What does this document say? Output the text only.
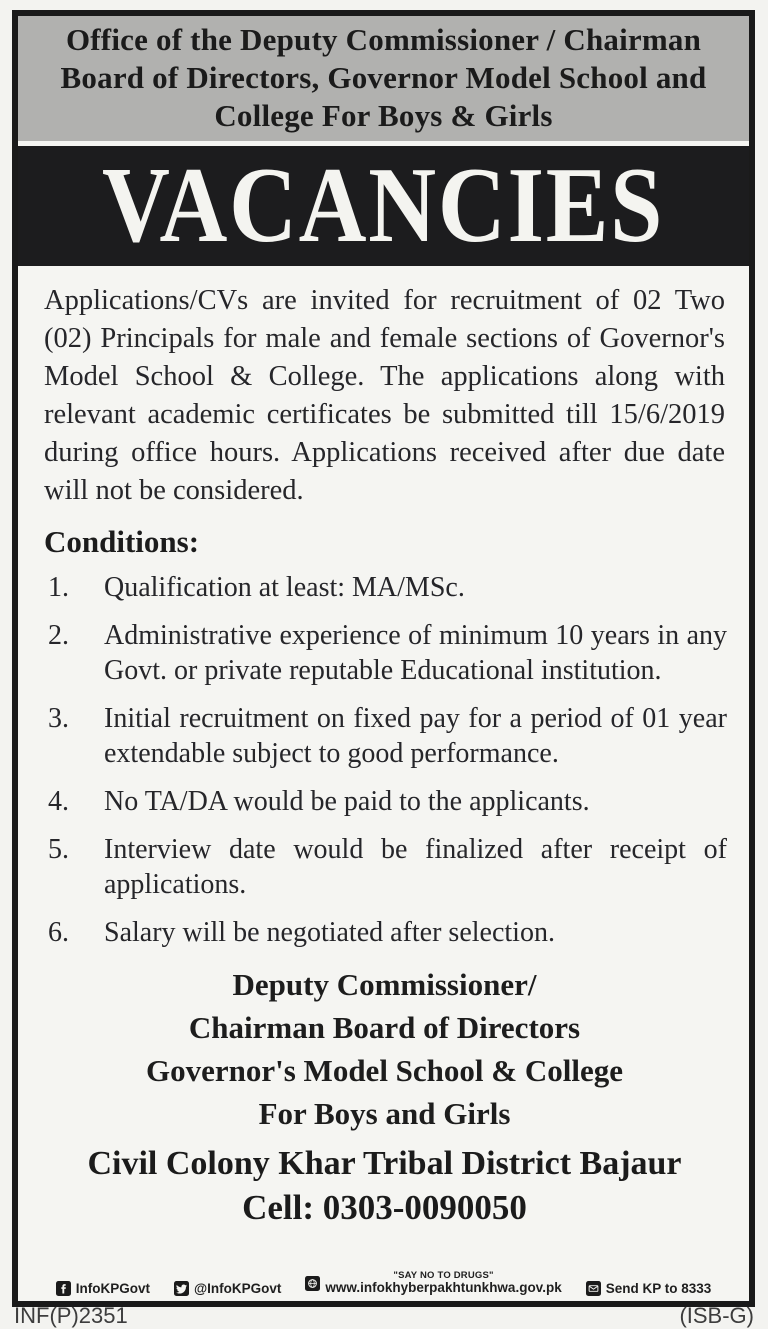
Office of the Deputy Commissioner / Chairman Board of Directors, Governor Model School and College For Boys & Girls
VACANCIES

Applications/CVs are invited for recruitment of 02 Two (02) Principals for male and female sections of Governor's Model School & College. The applications along with relevant academic certificates be submitted till 15/6/2019 during office hours. Applications received after due date will not be considered.

Conditions:
1. Qualification at least: MA/MSc.
2. Administrative experience of minimum 10 years in any Govt. or private reputable Educational institution.
3. Initial recruitment on fixed pay for a period of 01 year extendable subject to good performance.
4. No TA/DA would be paid to the applicants.
5. Interview date would be finalized after receipt of applications.
6. Salary will be negotiated after selection.
Deputy Commissioner/
Chairman Board of Directors
Governor's Model School & College
For Boys and Girls
Civil Colony Khar Tribal District Bajaur
Cell: 0303-0090050
InfoKPGovt	@InfoKPGovt
"SAY NO TO DRUGS"
www.infokhyberpakhtunkhwa.gov.pk	Send KP to 8333
INF(P)2351	(ISB-G)
